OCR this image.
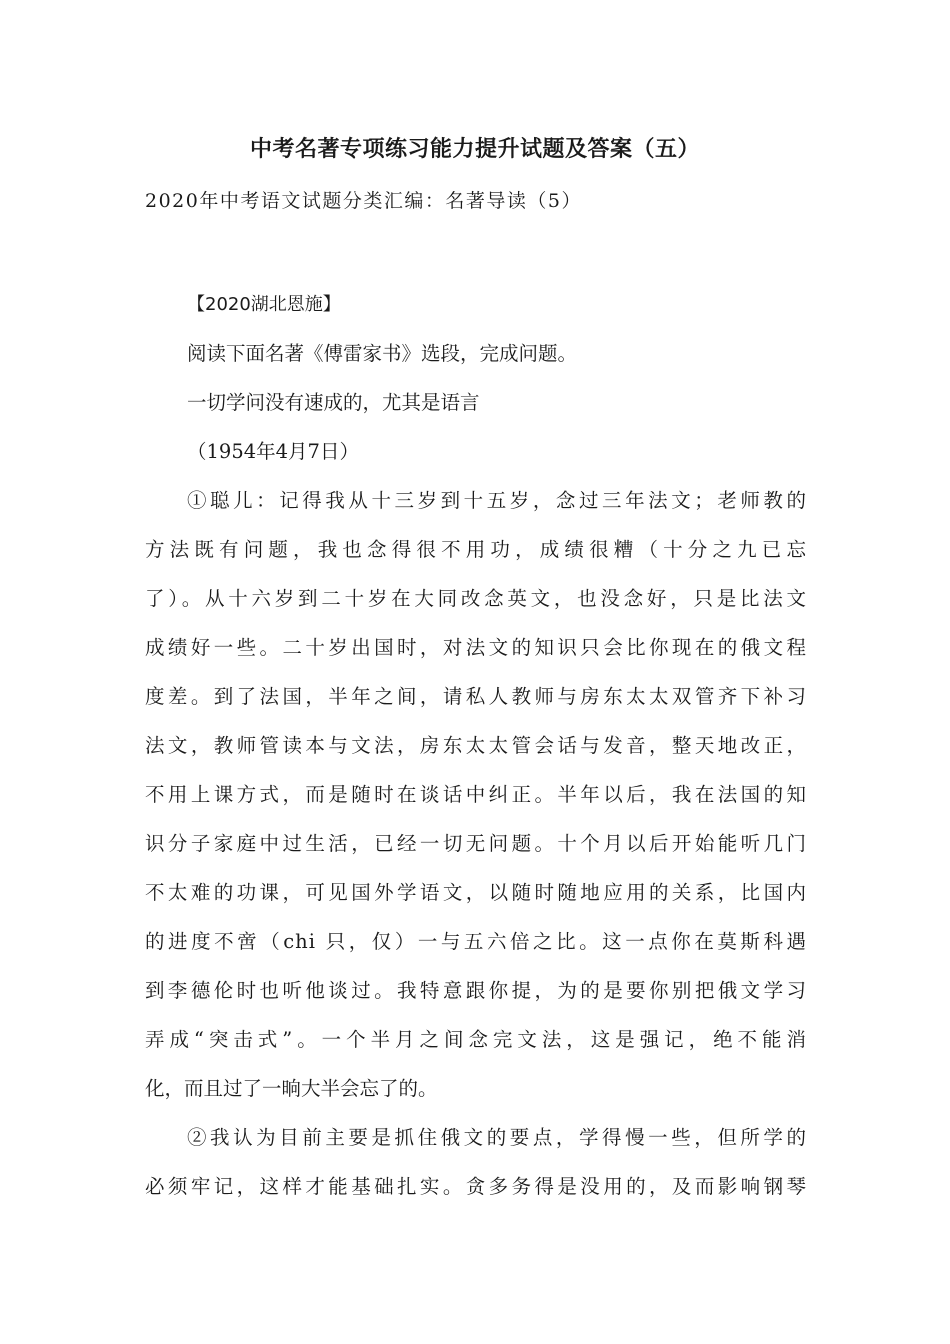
中考名著专项练习能力提升试题及答案（五）

2020年中考语文试题分类汇编：名著导读（5）

【2020湖北恩施】

阅读下面名著《傅雷家书》选段，完成问题。

一切学问没有速成的，尤其是语言

（1954年4月7日）

①聪儿：记得我从十三岁到十五岁，念过三年法文；老师教的

方法既有问题，我也念得很不用功，成绩很糟（十分之九已忘

了）。从十六岁到二十岁在大同改念英文，也没念好，只是比法文

成绩好一些。二十岁出国时，对法文的知识只会比你现在的俄文程

度差。到了法国，半年之间，请私人教师与房东太太双管齐下补习

法文，教师管读本与文法，房东太太管会话与发音，整天地改正，

不用上课方式，而是随时在谈话中纠正。半年以后，我在法国的知

识分子家庭中过生活，已经一切无问题。十个月以后开始能听几门

不太难的功课，可见国外学语文，以随时随地应用的关系，比国内

的进度不啻（chi 只，仅）一与五六倍之比。这一点你在莫斯科遇

到李德伦时也听他谈过。我特意跟你提，为的是要你别把俄文学习

弄成“突击式”。一个半月之间念完文法，这是强记，绝不能消

化，而且过了一晌大半会忘了的。

②我认为目前主要是抓住俄文的要点，学得慢一些，但所学的

必须牢记，这样才能基础扎实。贪多务得是没用的，及而影响钢琴
